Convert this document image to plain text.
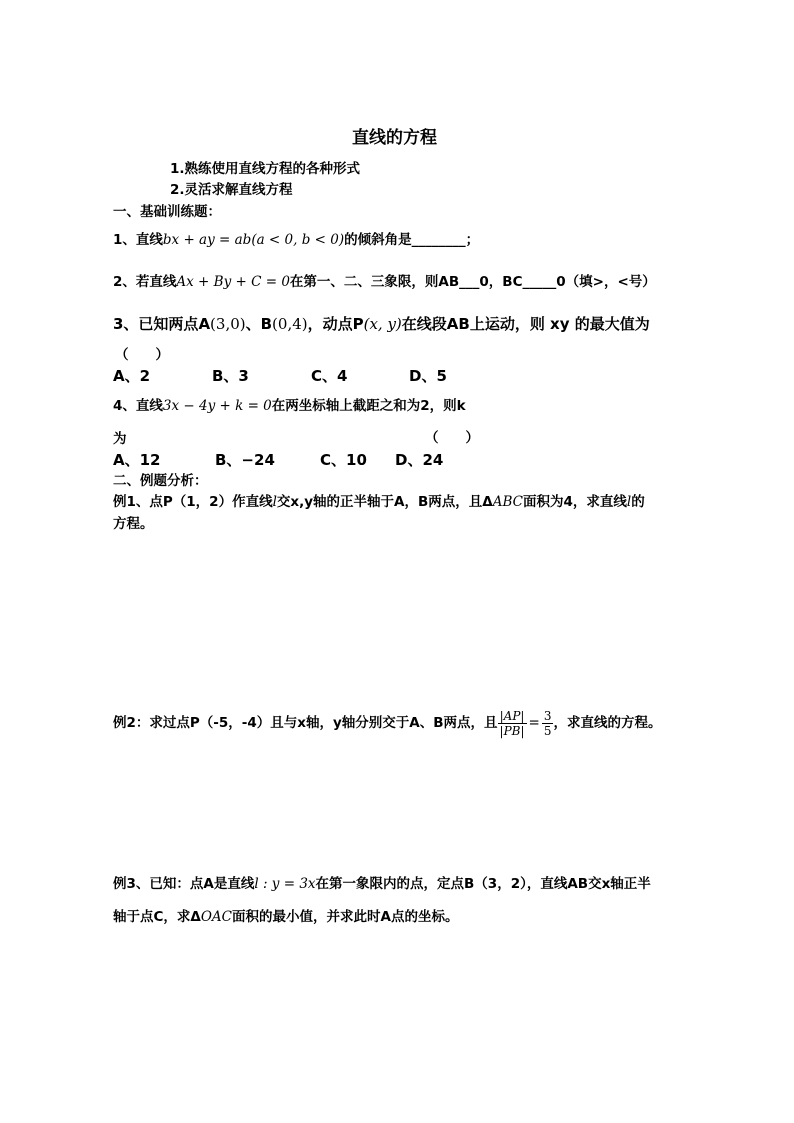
直线的方程
1.熟练使用直线方程的各种形式
2.灵活求解直线方程
一、基础训练题：
1、直线bx + ay = ab(a < 0, b < 0)的倾斜角是________；
2、若直线Ax + By + C = 0在第一、二、三象限，则AB___0，BC_____0（填>，<号）
3、已知两点A(3,0)、B(0,4)，动点P(x, y)在线段AB上运动，则 xy 的最大值为
（　　）
A、2	B、3	C、4	D、5
4、直线3x − 4y + k = 0在两坐标轴上截距之和为2，则k
为	（　　）
A、12	B、−24	C、10 D、24
二、例题分析：
例1、点P（1，2）作直线l交x,y轴的正半轴于A，B两点，且ΔABC面积为4，求直线l的
方程。
例2：求过点P（-5，-4）且与x轴，y轴分别交于A、B两点，且 $\frac{|AP|}{|PB|} = \frac{3}{5}$ ，求直线的方程。
例3、已知：点A是直线l : y = 3x在第一象限内的点，定点B（3，2），直线AB交x轴正半
轴于点C，求ΔOAC面积的最小值，并求此时A点的坐标。
